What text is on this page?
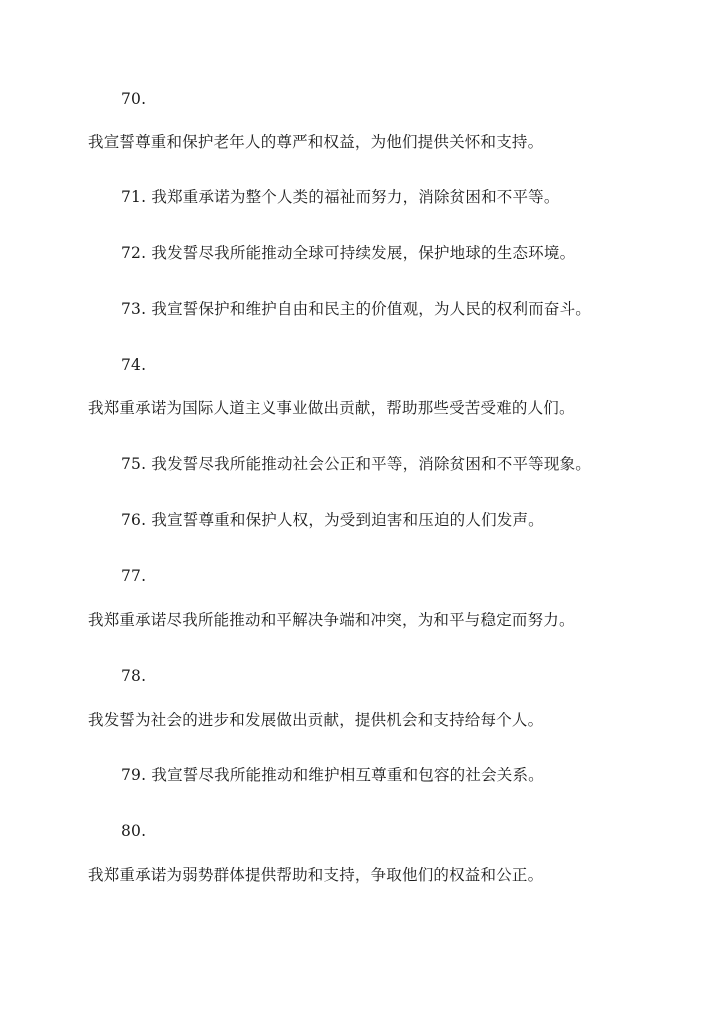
70.
我宣誓尊重和保护老年人的尊严和权益，为他们提供关怀和支持。
71. 我郑重承诺为整个人类的福祉而努力，消除贫困和不平等。
72. 我发誓尽我所能推动全球可持续发展，保护地球的生态环境。
73. 我宣誓保护和维护自由和民主的价值观，为人民的权利而奋斗。
74.
我郑重承诺为国际人道主义事业做出贡献，帮助那些受苦受难的人们。
75. 我发誓尽我所能推动社会公正和平等，消除贫困和不平等现象。
76. 我宣誓尊重和保护人权，为受到迫害和压迫的人们发声。
77.
我郑重承诺尽我所能推动和平解决争端和冲突，为和平与稳定而努力。
78.
我发誓为社会的进步和发展做出贡献，提供机会和支持给每个人。
79. 我宣誓尽我所能推动和维护相互尊重和包容的社会关系。
80.
我郑重承诺为弱势群体提供帮助和支持，争取他们的权益和公正。
